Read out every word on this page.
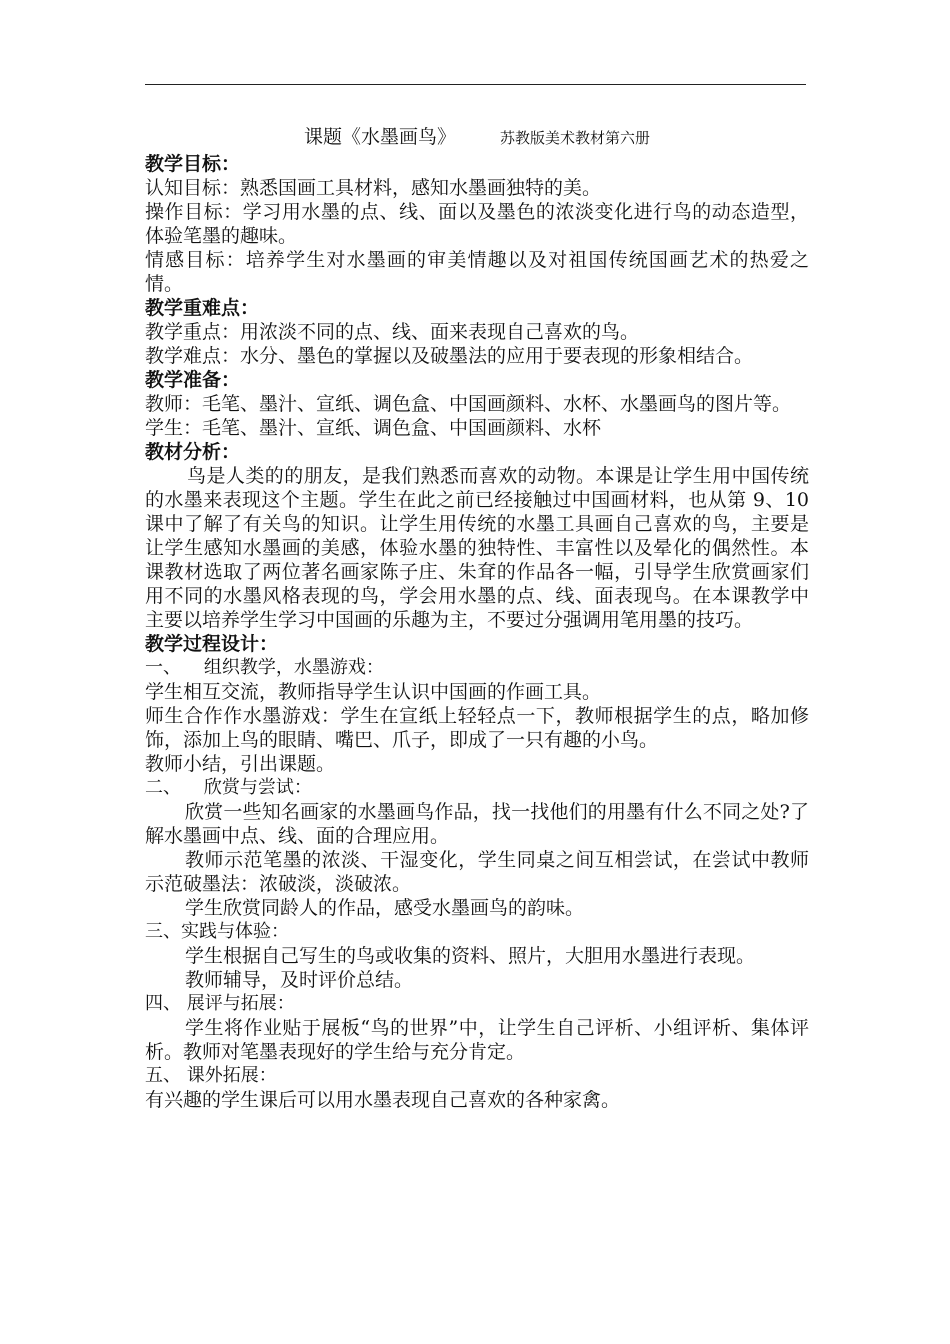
课题《水墨画鸟》	苏教版美术教材第六册

教学目标：

认知目标：熟悉国画工具材料，感知水墨画独特的美。

操作目标：学习用水墨的点、线、面以及墨色的浓淡变化进行鸟的动态造型，体验笔墨的趣味。

情感目标：培养学生对水墨画的审美情趣以及对祖国传统国画艺术的热爱之情。

教学重难点：

教学重点：用浓淡不同的点、线、面来表现自己喜欢的鸟。

教学难点：水分、墨色的掌握以及破墨法的应用于要表现的形象相结合。

教学准备：

教师：毛笔、墨汁、宣纸、调色盒、中国画颜料、水杯、水墨画鸟的图片等。

学生：毛笔、墨汁、宣纸、调色盒、中国画颜料、水杯

教材分析：

鸟是人类的的朋友，是我们熟悉而喜欢的动物。本课是让学生用中国传统的水墨来表现这个主题。学生在此之前已经接触过中国画材料，也从第 9、10 课中了解了有关鸟的知识。让学生用传统的水墨工具画自己喜欢的鸟，主要是让学生感知水墨画的美感，体验水墨的独特性、丰富性以及晕化的偶然性。本课教材选取了两位著名画家陈子庄、朱耷的作品各一幅，引导学生欣赏画家们用不同的水墨风格表现的鸟，学会用水墨的点、线、面表现鸟。在本课教学中主要以培养学生学习中国画的乐趣为主，不要过分强调用笔用墨的技巧。

教学过程设计：

一、    组织教学，水墨游戏：

学生相互交流，教师指导学生认识中国画的作画工具。

师生合作作水墨游戏：学生在宣纸上轻轻点一下，教师根据学生的点，略加修饰，添加上鸟的眼睛、嘴巴、爪子，即成了一只有趣的小鸟。

教师小结，引出课题。

二、    欣赏与尝试：

欣赏一些知名画家的水墨画鸟作品，找一找他们的用墨有什么不同之处?了解水墨画中点、线、面的合理应用。

教师示范笔墨的浓淡、干湿变化，学生同桌之间互相尝试，在尝试中教师示范破墨法：浓破淡，淡破浓。

学生欣赏同龄人的作品，感受水墨画鸟的韵味。

三、实践与体验：

学生根据自己写生的鸟或收集的资料、照片，大胆用水墨进行表现。

教师辅导，及时评价总结。

四、 展评与拓展：

学生将作业贴于展板“鸟的世界”中，让学生自己评析、小组评析、集体评析。教师对笔墨表现好的学生给与充分肯定。

五、 课外拓展：

有兴趣的学生课后可以用水墨表现自己喜欢的各种家禽。
